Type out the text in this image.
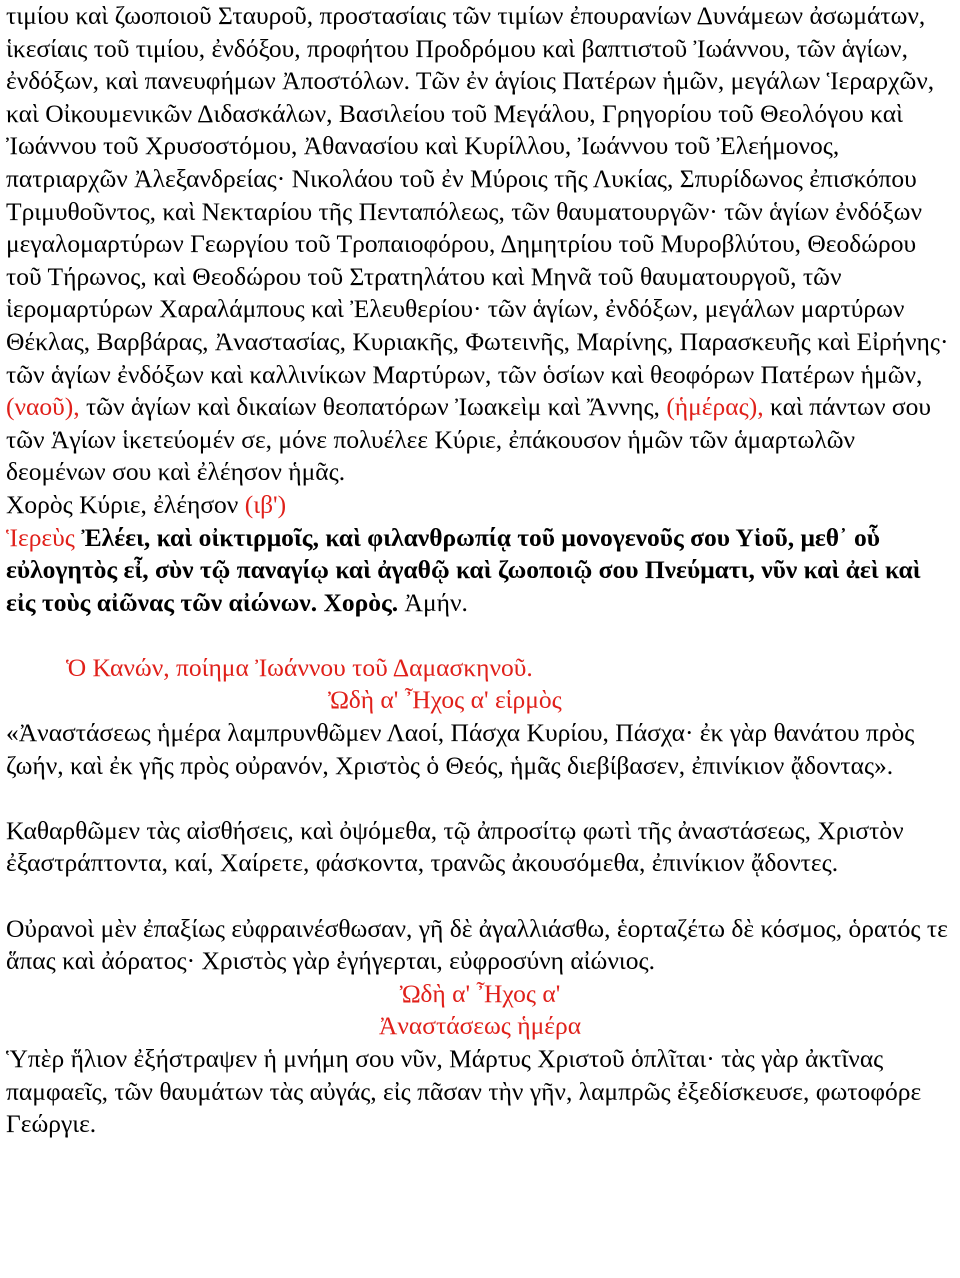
τιμίου καὶ ζωοποιοῦ Σταυροῦ, προστασίαις τῶν τιμίων ἐπουρανίων Δυνάμεων ἀσωμάτων, ἱκεσίαις τοῦ τιμίου, ἐνδόξου, προφήτου Προδρόμου καὶ βαπτιστοῦ Ἰωάννου, τῶν ἁγίων, ἐνδόξων, καὶ πανευφήμων Ἀποστόλων. Τῶν ἐν ἁγίοις Πατέρων ἡμῶν, μεγάλων Ἱεραρχῶν, καὶ Οἰκουμενικῶν Διδασκάλων, Βασιλείου τοῦ Μεγάλου, Γρηγορίου τοῦ Θεολόγου καὶ Ἰωάννου τοῦ Χρυσοστόμου, Ἀθανασίου καὶ Κυρίλλου, Ἰωάννου τοῦ Ἐλεήμονος, πατριαρχῶν Ἀλεξανδρείας· Νικολάου τοῦ ἐν Μύροις τῆς Λυκίας, Σπυρίδωνος ἐπισκόπου Τριμυθοῦντος, καὶ Νεκταρίου τῆς Πενταπόλεως, τῶν θαυματουργῶν· τῶν ἁγίων ἐνδόξων μεγαλομαρτύρων Γεωργίου τοῦ Τροπαιοφόρου, Δημητρίου τοῦ Μυροβλύτου, Θεοδώρου τοῦ Τήρωνος, καὶ Θεοδώρου τοῦ Στρατηλάτου καὶ Μηνᾶ τοῦ θαυματουργοῦ, τῶν ἱερομαρτύρων Χαραλάμπους καὶ Ἐλευθερίου· τῶν ἁγίων, ἐνδόξων, μεγάλων μαρτύρων Θέκλας, Βαρβάρας, Ἀναστασίας, Κυριακῆς, Φωτεινῆς, Μαρίνης, Παρασκευῆς καὶ Εἰρήνης· τῶν ἁγίων ἐνδόξων καὶ καλλινίκων Μαρτύρων, τῶν ὁσίων καὶ θεοφόρων Πατέρων ἡμῶν, (ναοῦ), τῶν ἁγίων καὶ δικαίων θεοπατόρων Ἰωακεὶμ καὶ Ἄννης, (ἡμέρας), καὶ πάντων σου τῶν Ἁγίων ἱκετεύομέν σε, μόνε πολυέλεε Κύριε, ἐπάκουσον ἡμῶν τῶν ἁμαρτωλῶν δεομένων σου καὶ ἐλέησον ἡμᾶς.

Χορὸς Κύριε, ἐλέησον (ιβ')

Ἱερεὺς Ἐλέει, καὶ οἰκτιρμοῖς, καὶ φιλανθρωπίᾳ τοῦ μονογενοῦς σου Υἱοῦ, μεθ᾽ οὗ εὐλογητὸς εἶ, σὺν τῷ παναγίῳ καὶ ἀγαθῷ καὶ ζωοποιῷ σου Πνεύματι, νῦν καὶ ἀεὶ καὶ εἰς τοὺς αἰῶνας τῶν αἰώνων. Χορὸς. Ἀμήν.

Ὁ Κανών, ποίημα Ἰωάννου τοῦ Δαμασκηνοῦ.

Ὠδὴ α' Ἦχος α' εἱρμὸς

«Ἀναστάσεως ἡμέρα λαμπρυνθῶμεν Λαοί, Πάσχα Κυρίου, Πάσχα· ἐκ γὰρ θανάτου πρὸς ζωήν, καὶ ἐκ γῆς πρὸς οὐρανόν, Χριστὸς ὁ Θεός, ἡμᾶς διεβίβασεν, ἐπινίκιον ᾄδοντας».

Καθαρθῶμεν τὰς αἰσθήσεις, καὶ ὀψόμεθα, τῷ ἀπροσίτῳ φωτὶ τῆς ἀναστάσεως, Χριστὸν ἐξαστράπτοντα, καί, Χαίρετε, φάσκοντα, τρανῶς ἀκουσόμεθα, ἐπινίκιον ᾄδοντες.

Οὐρανοὶ μὲν ἐπαξίως εὐφραινέσθωσαν, γῆ δὲ ἀγαλλιάσθω, ἑορταζέτω δὲ κόσμος, ὁρατός τε ἅπας καὶ ἀόρατος· Χριστὸς γὰρ ἐγήγερται, εὐφροσύνη αἰώνιος.

Ὠδὴ α' Ἦχος α'

Ἀναστάσεως ἡμέρα

Ὑπὲρ ἥλιον ἐξήστραψεν ἡ μνήμη σου νῦν, Μάρτυς Χριστοῦ ὁπλῖται· τὰς γὰρ ἀκτῖνας παμφαεῖς, τῶν θαυμάτων τὰς αὐγάς, εἰς πᾶσαν τὴν γῆν, λαμπρῶς ἐξεδίσκευσε, φωτοφόρε Γεώργιε.
